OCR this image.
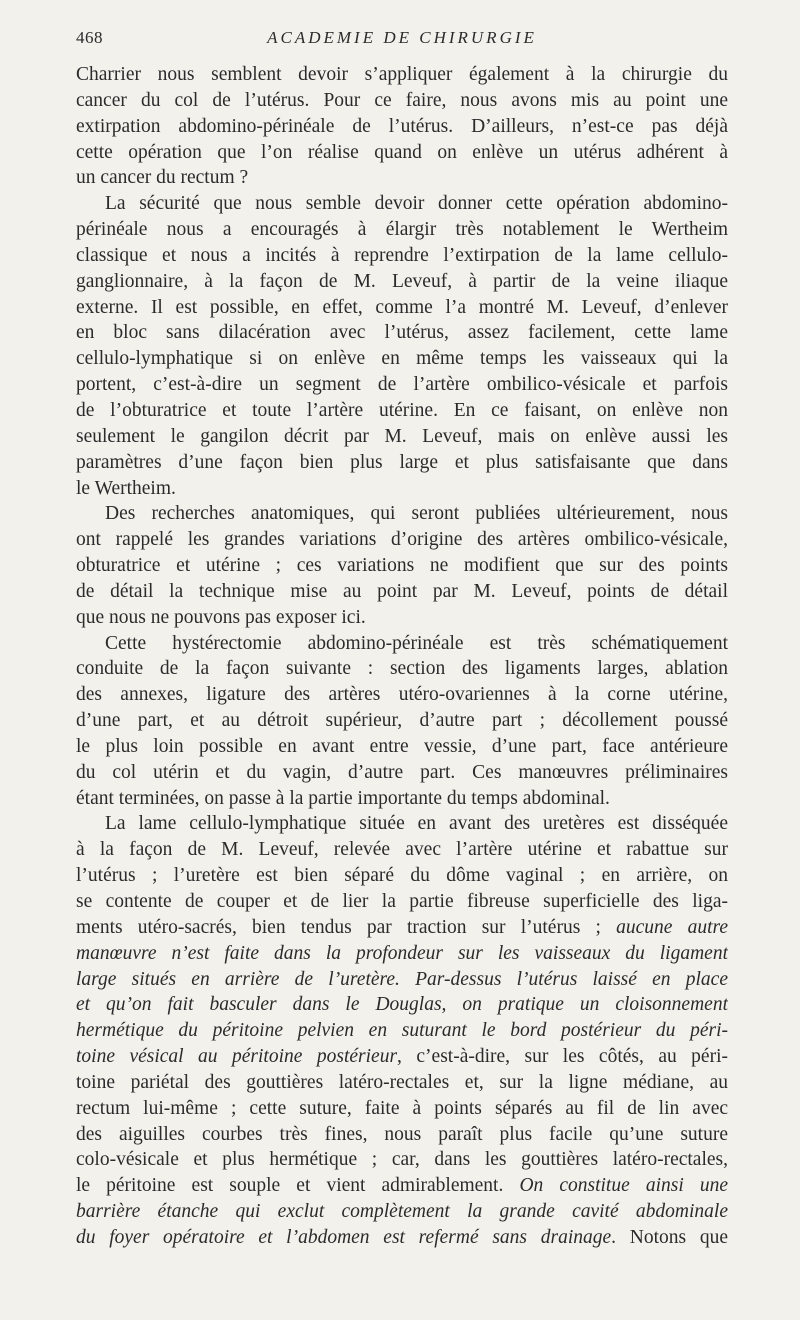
468	ACADEMIE DE CHIRURGIE
Charrier nous semblent devoir s’appliquer également à la chirurgie du
cancer du col de l’utérus. Pour ce faire, nous avons mis au point une
extirpation abdomino-périnéale de l’utérus. D’ailleurs, n’est-ce pas déjà
cette opération que l’on réalise quand on enlève un utérus adhérent à
un cancer du rectum ?
La sécurité que nous semble devoir donner cette opération abdomino-
périnéale nous a encouragés à élargir très notablement le Wertheim
classique et nous a incités à reprendre l’extirpation de la lame cellulo-
ganglionnaire, à la façon de M. Leveuf, à partir de la veine iliaque
externe. Il est possible, en effet, comme l’a montré M. Leveuf, d’enlever
en bloc sans dilacération avec l’utérus, assez facilement, cette lame
cellulo-lymphatique si on enlève en même temps les vaisseaux qui la
portent, c’est-à-dire un segment de l’artère ombilico-vésicale et parfois
de l’obturatrice et toute l’artère utérine. En ce faisant, on enlève non
seulement le gangilon décrit par M. Leveuf, mais on enlève aussi les
paramètres d’une façon bien plus large et plus satisfaisante que dans
le Wertheim.
Des recherches anatomiques, qui seront publiées ultérieurement, nous
ont rappelé les grandes variations d’origine des artères ombilico-vésicale,
obturatrice et utérine ; ces variations ne modifient que sur des points
de détail la technique mise au point par M. Leveuf, points de détail
que nous ne pouvons pas exposer ici.
Cette hystérectomie abdomino-périnéale est très schématiquement
conduite de la façon suivante : section des ligaments larges, ablation
des annexes, ligature des artères utéro-ovariennes à la corne utérine,
d’une part, et au détroit supérieur, d’autre part ; décollement poussé
le plus loin possible en avant entre vessie, d’une part, face antérieure
du col utérin et du vagin, d’autre part. Ces manœuvres préliminaires
étant terminées, on passe à la partie importante du temps abdominal.
La lame cellulo-lymphatique située en avant des uretères est disséquée
à la façon de M. Leveuf, relevée avec l’artère utérine et rabattue sur
l’utérus ; l’uretère est bien séparé du dôme vaginal ; en arrière, on
se contente de couper et de lier la partie fibreuse superficielle des liga-
ments utéro-sacrés, bien tendus par traction sur l’utérus ; aucune autre
manœuvre n’est faite dans la profondeur sur les vaisseaux du ligament
large situés en arrière de l’uretère. Par-dessus l’utérus laissé en place
et qu’on fait basculer dans le Douglas, on pratique un cloisonnement
hermétique du péritoine pelvien en suturant le bord postérieur du péri-
toine vésical au péritoine postérieur, c’est-à-dire, sur les côtés, au péri-
toine pariétal des gouttières latéro-rectales et, sur la ligne médiane, au
rectum lui-même ; cette suture, faite à points séparés au fil de lin avec
des aiguilles courbes très fines, nous paraît plus facile qu’une suture
colo-vésicale et plus hermétique ; car, dans les gouttières latéro-rectales,
le péritoine est souple et vient admirablement. On constitue ainsi une
barrière étanche qui exclut complètement la grande cavité abdominale
du foyer opératoire et l’abdomen est refermé sans drainage. Notons que
